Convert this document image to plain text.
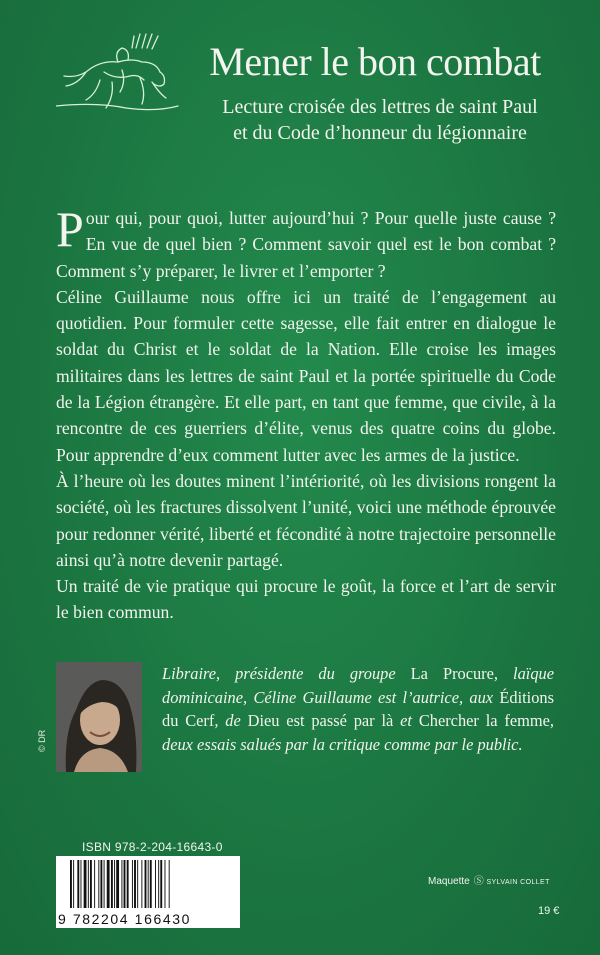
Mener le bon combat
Lecture croisée des lettres de saint Paul
et du Code d’honneur du légionnaire

Pour qui, pour quoi, lutter aujourd’hui ? Pour quelle juste cause ? En vue de quel bien ? Comment savoir quel est le bon combat ? Comment s’y préparer, le livrer et l’emporter ?

Céline Guillaume nous offre ici un traité de l’engagement au quotidien. Pour formuler cette sagesse, elle fait entrer en dialogue le soldat du Christ et le soldat de la Nation. Elle croise les images militaires dans les lettres de saint Paul et la portée spirituelle du Code de la Légion étrangère. Et elle part, en tant que femme, que civile, à la rencontre de ces guerriers d’élite, venus des quatre coins du globe. Pour apprendre d’eux comment lutter avec les armes de la justice.

À l’heure où les doutes minent l’intériorité, où les divisions rongent la société, où les fractures dissolvent l’unité, voici une méthode éprouvée pour redonner vérité, liberté et fécondité à notre trajectoire personnelle ainsi qu’à notre devenir partagé.

Un traité de vie pratique qui procure le goût, la force et l’art de servir le bien commun.

© DR
Libraire, présidente du groupe La Procure, laïque dominicaine, Céline Guillaume est l’autrice, aux Éditions du Cerf, de Dieu est passé par là et Chercher la femme, deux essais salués par la critique comme par le public.
ISBN 978-2-204-16643-0
9 782204 166430
Maquette Ⓢ SYLVAIN COLLET
19 €
